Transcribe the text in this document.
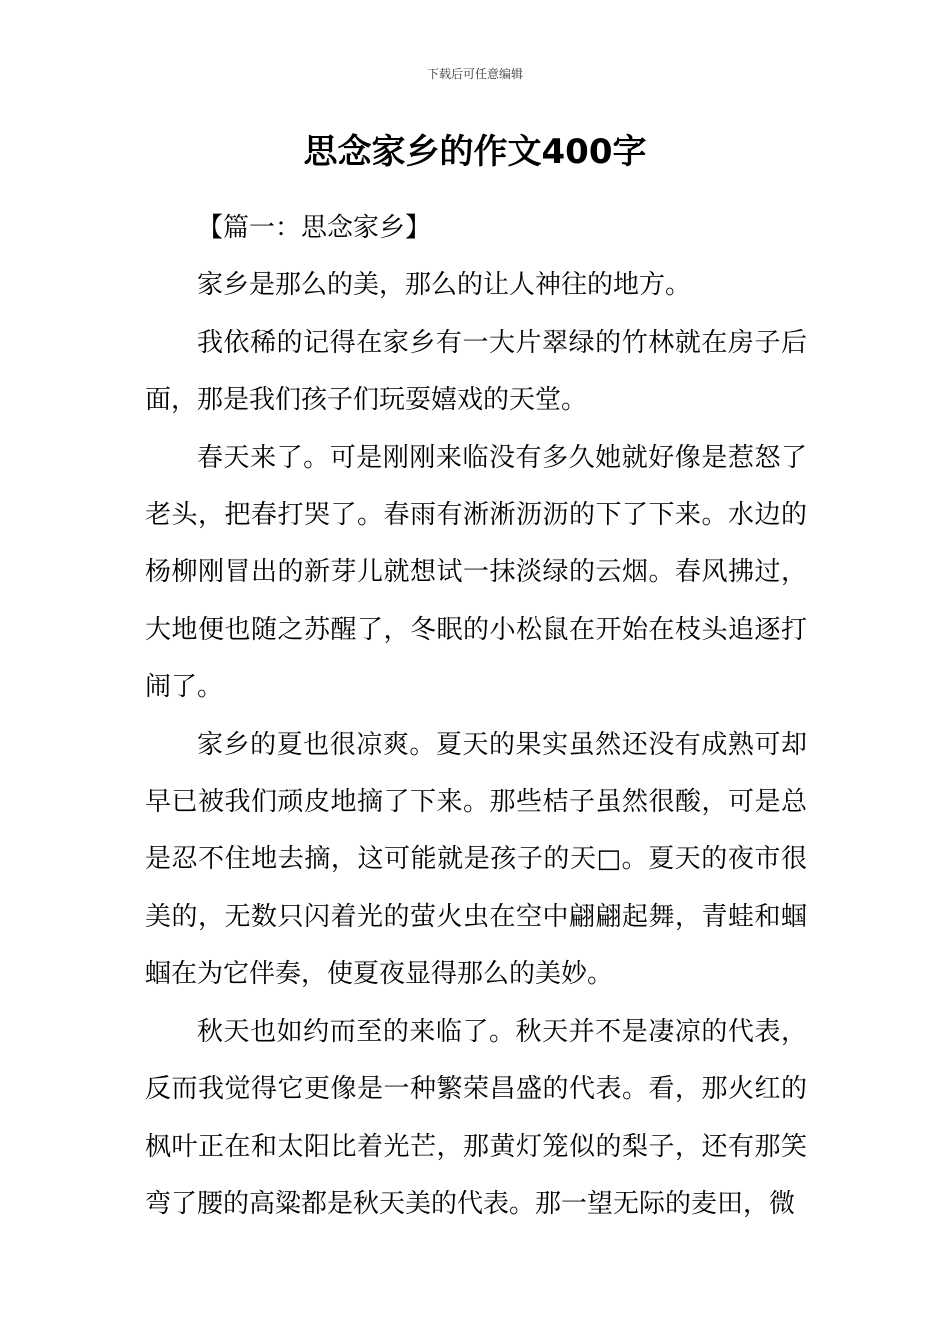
下载后可任意编辑
思念家乡的作文400字

【篇一：思念家乡】

家乡是那么的美，那么的让人神往的地方。

我依稀的记得在家乡有一大片翠绿的竹林就在房子后面，那是我们孩子们玩耍嬉戏的天堂。

春天来了。可是刚刚来临没有多久她就好像是惹怒了老头，把春打哭了。春雨有淅淅沥沥的下了下来。水边的杨柳刚冒出的新芽儿就想试一抹淡绿的云烟。春风拂过，大地便也随之苏醒了，冬眠的小松鼠在开始在枝头追逐打闹了。

家乡的夏也很凉爽。夏天的果实虽然还没有成熟可却早已被我们顽皮地摘了下来。那些桔子虽然很酸，可是总是忍不住地去摘，这可能就是孩子的天□。夏天的夜市很美的，无数只闪着光的萤火虫在空中翩翩起舞，青蛙和蝈蝈在为它伴奏，使夏夜显得那么的美妙。

秋天也如约而至的来临了。秋天并不是凄凉的代表，反而我觉得它更像是一种繁荣昌盛的代表。看，那火红的枫叶正在和太阳比着光芒，那黄灯笼似的梨子，还有那笑弯了腰的高粱都是秋天美的代表。那一望无际的麦田，微
